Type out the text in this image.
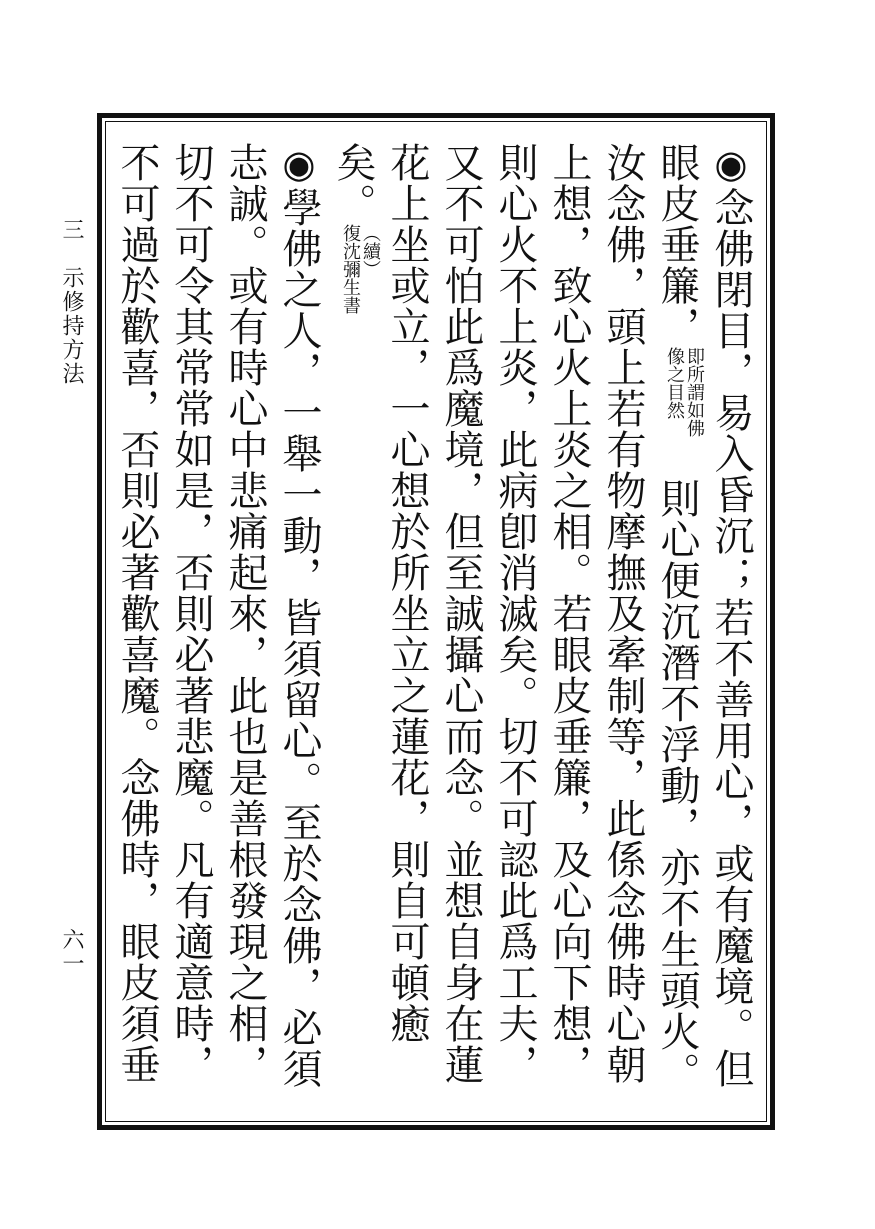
三　示修持方法
六一
◉念佛閉目，易入昏沉；若不善用心，或有魔境。但眼皮垂簾，
即所謂如佛
像之目然
　則心便沉潛不浮動，亦不生頭火。汝念佛，頭上若有物摩撫及牽制等，此係念佛時心朝上想，致心火上炎之相。若眼皮垂簾，及心向下想，則心火不上炎，此病卽消滅矣。切不可認此爲工夫，又不可怕此爲魔境，但至誠攝心而念。並想自身在蓮花上坐或立，一心想於所坐立之蓮花，則自可頓癒矣。
（續）
復沈彌生書

◉學佛之人，一舉一動，皆須留心。至於念佛，必須志誠。或有時心中悲痛起來，此也是善根發現之相，切不可令其常常如是，否則必著悲魔。凡有適意時，不可過於歡喜，否則必著歡喜魔。念佛時，眼皮須垂
